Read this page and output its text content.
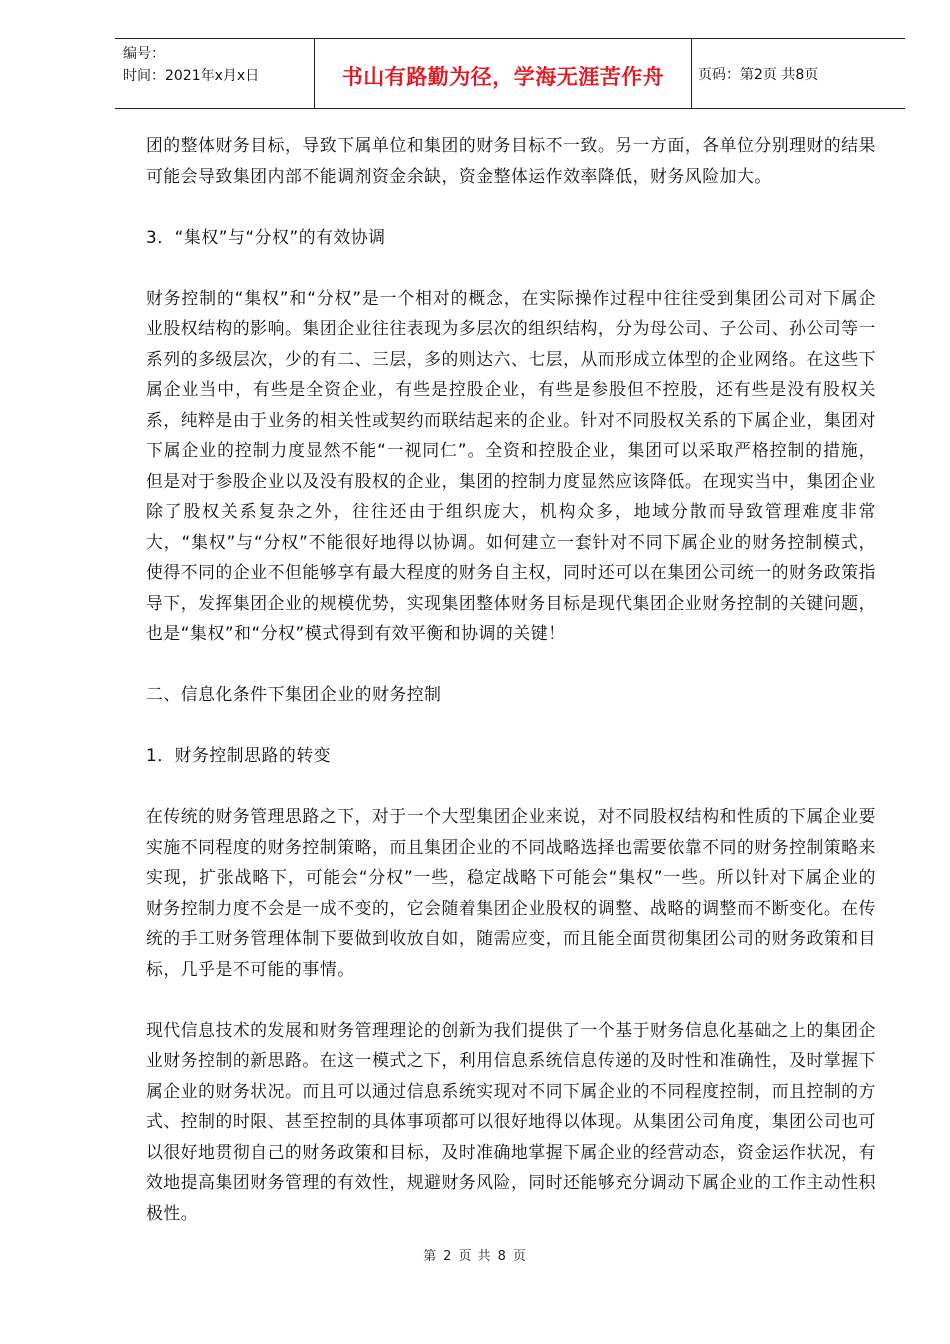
编号：
时间：2021年x月x日	书山有路勤为径，学海无涯苦作舟	页码：第2页 共8页

团的整体财务目标，导致下属单位和集团的财务目标不一致。另一方面，各单位分别理财的结果可能会导致集团内部不能调剂资金余缺，资金整体运作效率降低，财务风险加大。

3．“集权”与“分权”的有效协调

财务控制的“集权”和“分权”是一个相对的概念，在实际操作过程中往往受到集团公司对下属企业股权结构的影响。集团企业往往表现为多层次的组织结构，分为母公司、子公司、孙公司等一系列的多级层次，少的有二、三层，多的则达六、七层，从而形成立体型的企业网络。在这些下属企业当中，有些是全资企业，有些是控股企业，有些是参股但不控股，还有些是没有股权关系，纯粹是由于业务的相关性或契约而联结起来的企业。针对不同股权关系的下属企业，集团对下属企业的控制力度显然不能“一视同仁”。全资和控股企业，集团可以采取严格控制的措施，但是对于参股企业以及没有股权的企业，集团的控制力度显然应该降低。在现实当中，集团企业除了股权关系复杂之外，往往还由于组织庞大，机构众多，地域分散而导致管理难度非常大，“集权”与“分权”不能很好地得以协调。如何建立一套针对不同下属企业的财务控制模式，使得不同的企业不但能够享有最大程度的财务自主权，同时还可以在集团公司统一的财务政策指导下，发挥集团企业的规模优势，实现集团整体财务目标是现代集团企业财务控制的关键问题，也是“集权”和“分权”模式得到有效平衡和协调的关键！

二、信息化条件下集团企业的财务控制

1．财务控制思路的转变

在传统的财务管理思路之下，对于一个大型集团企业来说，对不同股权结构和性质的下属企业要实施不同程度的财务控制策略，而且集团企业的不同战略选择也需要依靠不同的财务控制策略来实现，扩张战略下，可能会“分权”一些，稳定战略下可能会“集权”一些。所以针对下属企业的财务控制力度不会是一成不变的，它会随着集团企业股权的调整、战略的调整而不断变化。在传统的手工财务管理体制下要做到收放自如，随需应变，而且能全面贯彻集团公司的财务政策和目标，几乎是不可能的事情。

现代信息技术的发展和财务管理理论的创新为我们提供了一个基于财务信息化基础之上的集团企业财务控制的新思路。在这一模式之下，利用信息系统信息传递的及时性和准确性，及时掌握下属企业的财务状况。而且可以通过信息系统实现对不同下属企业的不同程度控制，而且控制的方式、控制的时限、甚至控制的具体事项都可以很好地得以体现。从集团公司角度，集团公司也可以很好地贯彻自己的财务政策和目标，及时准确地掌握下属企业的经营动态，资金运作状况，有效地提高集团财务管理的有效性，规避财务风险，同时还能够充分调动下属企业的工作主动性积极性。

第 2 页 共 8 页
